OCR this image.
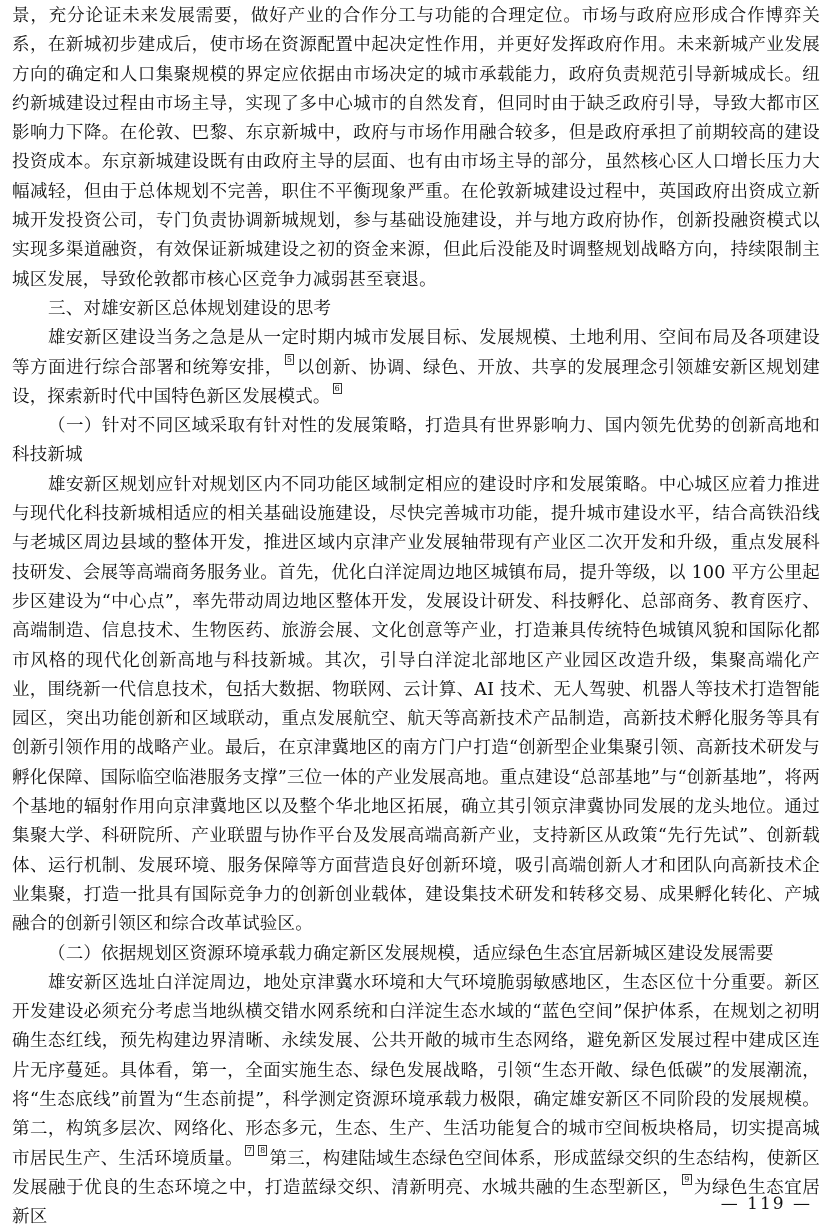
景，充分论证未来发展需要，做好产业的合作分工与功能的合理定位。市场与政府应形成合作博弈关系，在新城初步建成后，使市场在资源配置中起决定性作用，并更好发挥政府作用。未来新城产业发展方向的确定和人口集聚规模的界定应依据由市场决定的城市承载能力，政府负责规范引导新城成长。纽约新城建设过程由市场主导，实现了多中心城市的自然发育，但同时由于缺乏政府引导，导致大都市区影响力下降。在伦敦、巴黎、东京新城中，政府与市场作用融合较多，但是政府承担了前期较高的建设投资成本。东京新城建设既有由政府主导的层面、也有由市场主导的部分，虽然核心区人口增长压力大幅减轻，但由于总体规划不完善，职住不平衡现象严重。在伦敦新城建设过程中，英国政府出资成立新城开发投资公司，专门负责协调新城规划，参与基础设施建设，并与地方政府协作，创新投融资模式以实现多渠道融资，有效保证新城建设之初的资金来源，但此后没能及时调整规划战略方向，持续限制主城区发展，导致伦敦都市核心区竞争力减弱甚至衰退。

三、对雄安新区总体规划建设的思考

雄安新区建设当务之急是从一定时期内城市发展目标、发展规模、土地利用、空间布局及各项建设等方面进行综合部署和统筹安排， 5 以创新、协调、绿色、开放、共享的发展理念引领雄安新区规划建设，探索新时代中国特色新区发展模式。 6

（一）针对不同区域采取有针对性的发展策略，打造具有世界影响力、国内领先优势的创新高地和科技新城

雄安新区规划应针对规划区内不同功能区域制定相应的建设时序和发展策略。中心城区应着力推进与现代化科技新城相适应的相关基础设施建设，尽快完善城市功能，提升城市建设水平，结合高铁沿线与老城区周边县域的整体开发，推进区域内京津产业发展轴带现有产业区二次开发和升级，重点发展科技研发、会展等高端商务服务业。首先，优化白洋淀周边地区城镇布局，提升等级，以 100 平方公里起步区建设为“中心点”，率先带动周边地区整体开发，发展设计研发、科技孵化、总部商务、教育医疗、高端制造、信息技术、生物医药、旅游会展、文化创意等产业，打造兼具传统特色城镇风貌和国际化都市风格的现代化创新高地与科技新城。其次，引导白洋淀北部地区产业园区改造升级，集聚高端化产业，围绕新一代信息技术，包括大数据、物联网、云计算、AI 技术、无人驾驶、机器人等技术打造智能园区，突出功能创新和区域联动，重点发展航空、航天等高新技术产品制造，高新技术孵化服务等具有创新引领作用的战略产业。最后，在京津冀地区的南方门户打造“创新型企业集聚引领、高新技术研发与孵化保障、国际临空临港服务支撑”三位一体的产业发展高地。重点建设“总部基地”与“创新基地”，将两个基地的辐射作用向京津冀地区以及整个华北地区拓展，确立其引领京津冀协同发展的龙头地位。通过集聚大学、科研院所、产业联盟与协作平台及发展高端高新产业，支持新区从政策“先行先试”、创新载体、运行机制、发展环境、服务保障等方面营造良好创新环境，吸引高端创新人才和团队向高新技术企业集聚，打造一批具有国际竞争力的创新创业载体，建设集技术研发和转移交易、成果孵化转化、产城融合的创新引领区和综合改革试验区。

（二）依据规划区资源环境承载力确定新区发展规模，适应绿色生态宜居新城区建设发展需要

雄安新区选址白洋淀周边，地处京津冀水环境和大气环境脆弱敏感地区，生态区位十分重要。新区开发建设必须充分考虑当地纵横交错水网系统和白洋淀生态水域的“蓝色空间”保护体系，在规划之初明确生态红线，预先构建边界清晰、永续发展、公共开敞的城市生态网络，避免新区发展过程中建成区连片无序蔓延。具体看，第一，全面实施生态、绿色发展战略，引领“生态开敞、绿色低碳”的发展潮流，将“生态底线”前置为“生态前提”，科学测定资源环境承载力极限，确定雄安新区不同阶段的发展规模。第二，构筑多层次、网络化、形态多元，生态、生产、生活功能复合的城市空间板块格局，切实提高城市居民生产、生活环境质量。 7 8 第三，构建陆域生态绿色空间体系，形成蓝绿交织的生态结构，使新区发展融于优良的生态环境之中，打造蓝绿交织、清新明亮、水城共融的生态型新区， 9 为绿色生态宜居新区

— 119 —
